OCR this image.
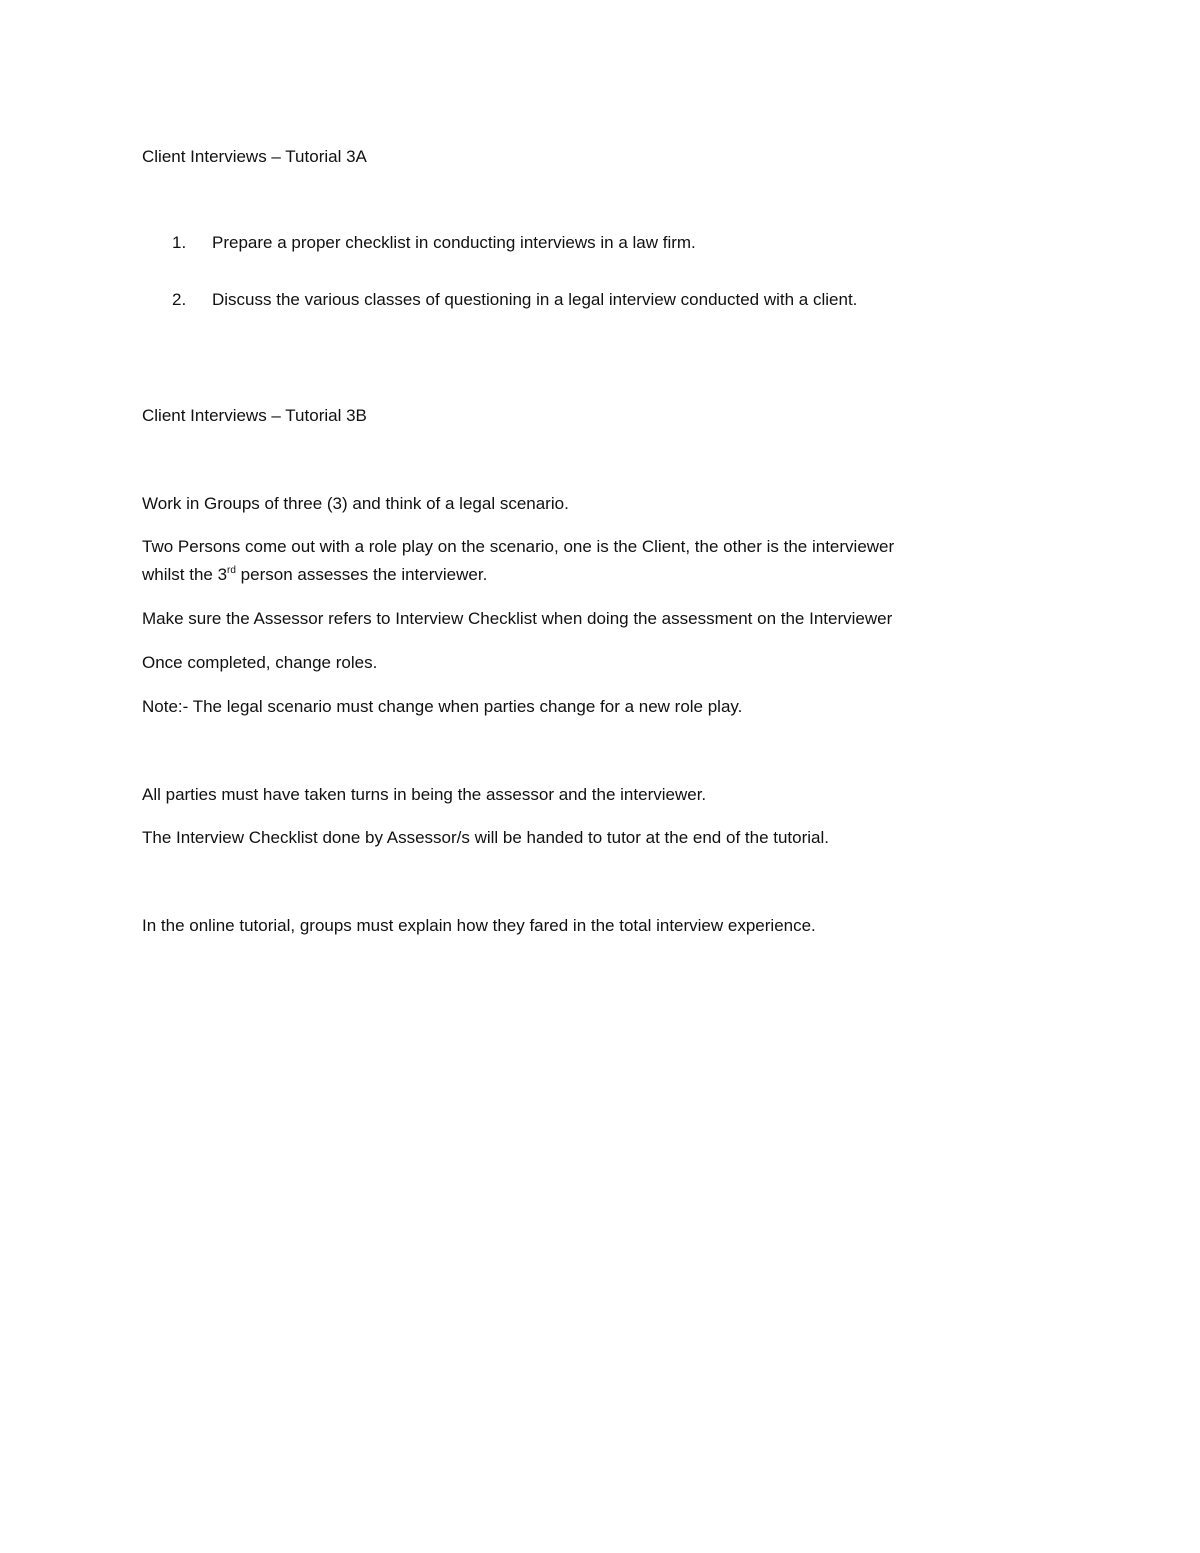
Client Interviews – Tutorial 3A
1. Prepare a proper checklist in conducting interviews in a law firm.
2. Discuss the various classes of questioning in a legal interview conducted with a client.
Client Interviews – Tutorial 3B
Work in Groups of three (3) and think of a legal scenario.
Two Persons come out with a role play on the scenario, one is the Client, the other is the interviewer
whilst the 3rd person assesses the interviewer.
Make sure the Assessor refers to Interview Checklist when doing the assessment on the Interviewer
Once completed, change roles.
Note:- The legal scenario must change when parties change for a new role play.
All parties must have taken turns in being the assessor and the interviewer.
The Interview Checklist done by Assessor/s will be handed to tutor at the end of the tutorial.
In the online tutorial, groups must explain how they fared in the total interview experience.
